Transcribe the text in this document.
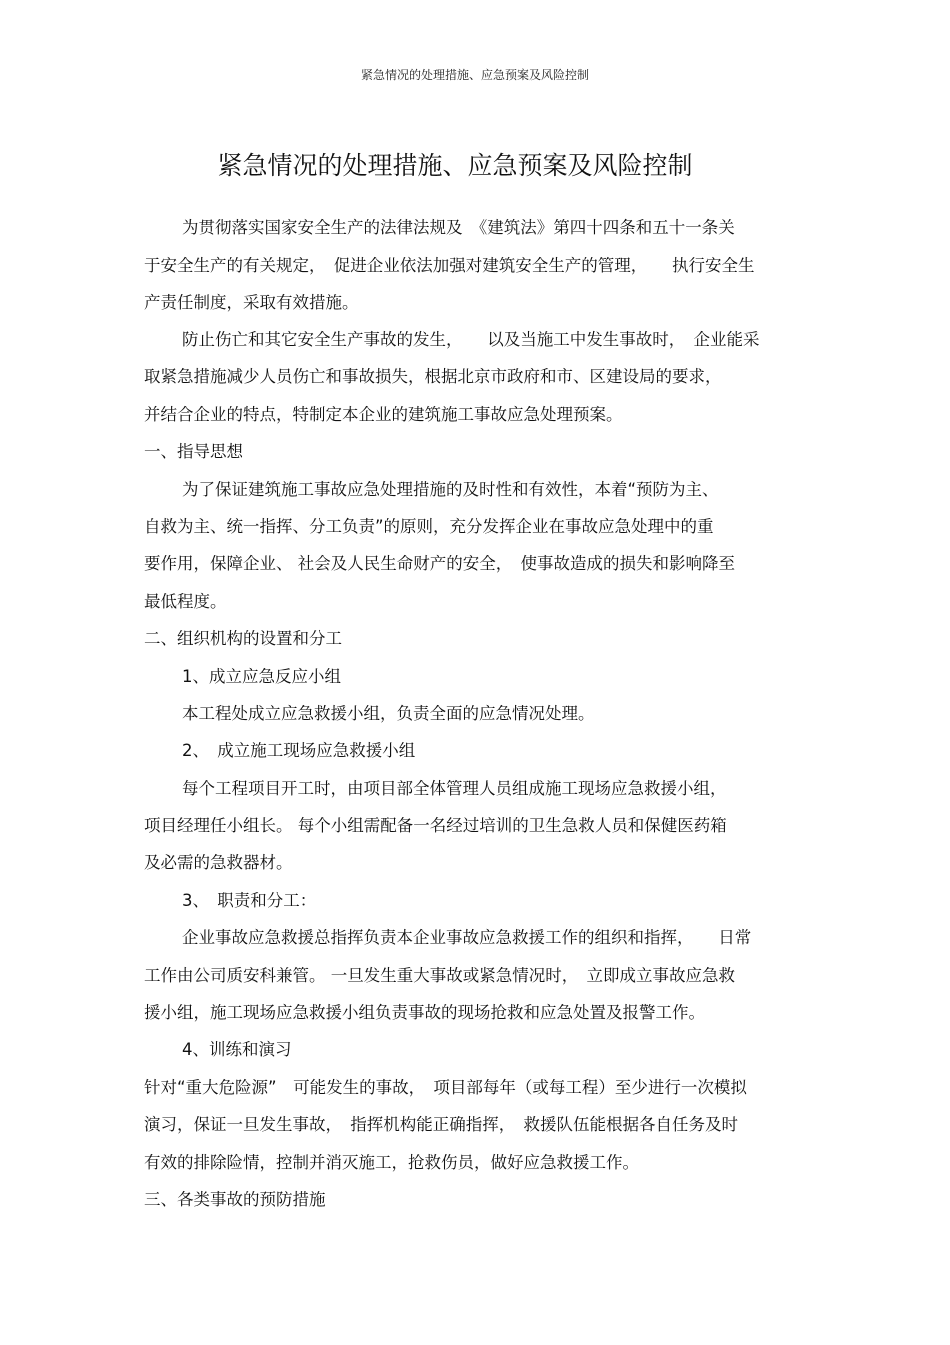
紧急情况的处理措施、应急预案及风险控制
紧急情况的处理措施、应急预案及风险控制
为贯彻落实国家安全生产的法律法规及　《建筑法》第四十四条和五十一条关
于安全生产的有关规定，　促进企业依法加强对建筑安全生产的管理，　　执行安全生
产责任制度，采取有效措施。
防止伤亡和其它安全生产事故的发生，　　以及当施工中发生事故时，　企业能采
取紧急措施减少人员伤亡和事故损失，根据北京市政府和市、区建设局的要求，
并结合企业的特点，特制定本企业的建筑施工事故应急处理预案。
一、指导思想
为了保证建筑施工事故应急处理措施的及时性和有效性，本着“预防为主、
自救为主、统一指挥、分工负责”的原则，充分发挥企业在事故应急处理中的重
要作用，保障企业、 社会及人民生命财产的安全，　使事故造成的损失和影响降至
最低程度。
二、组织机构的设置和分工
1、成立应急反应小组
本工程处成立应急救援小组，负责全面的应急情况处理。
2、　成立施工现场应急救援小组
每个工程项目开工时，由项目部全体管理人员组成施工现场应急救援小组，
项目经理任小组长。 每个小组需配备一名经过培训的卫生急救人员和保健医药箱
及必需的急救器材。
3、　职责和分工：
企业事故应急救援总指挥负责本企业事故应急救援工作的组织和指挥，　　日常
工作由公司质安科兼管。 一旦发生重大事故或紧急情况时，　立即成立事故应急救
援小组，施工现场应急救援小组负责事故的现场抢救和应急处置及报警工作。
4、训练和演习
针对“重大危险源”　可能发生的事故，　项目部每年（或每工程）至少进行一次模拟
演习，保证一旦发生事故，　指挥机构能正确指挥，　救援队伍能根据各自任务及时
有效的排除险情，控制并消灭施工，抢救伤员，做好应急救援工作。
三、各类事故的预防措施
